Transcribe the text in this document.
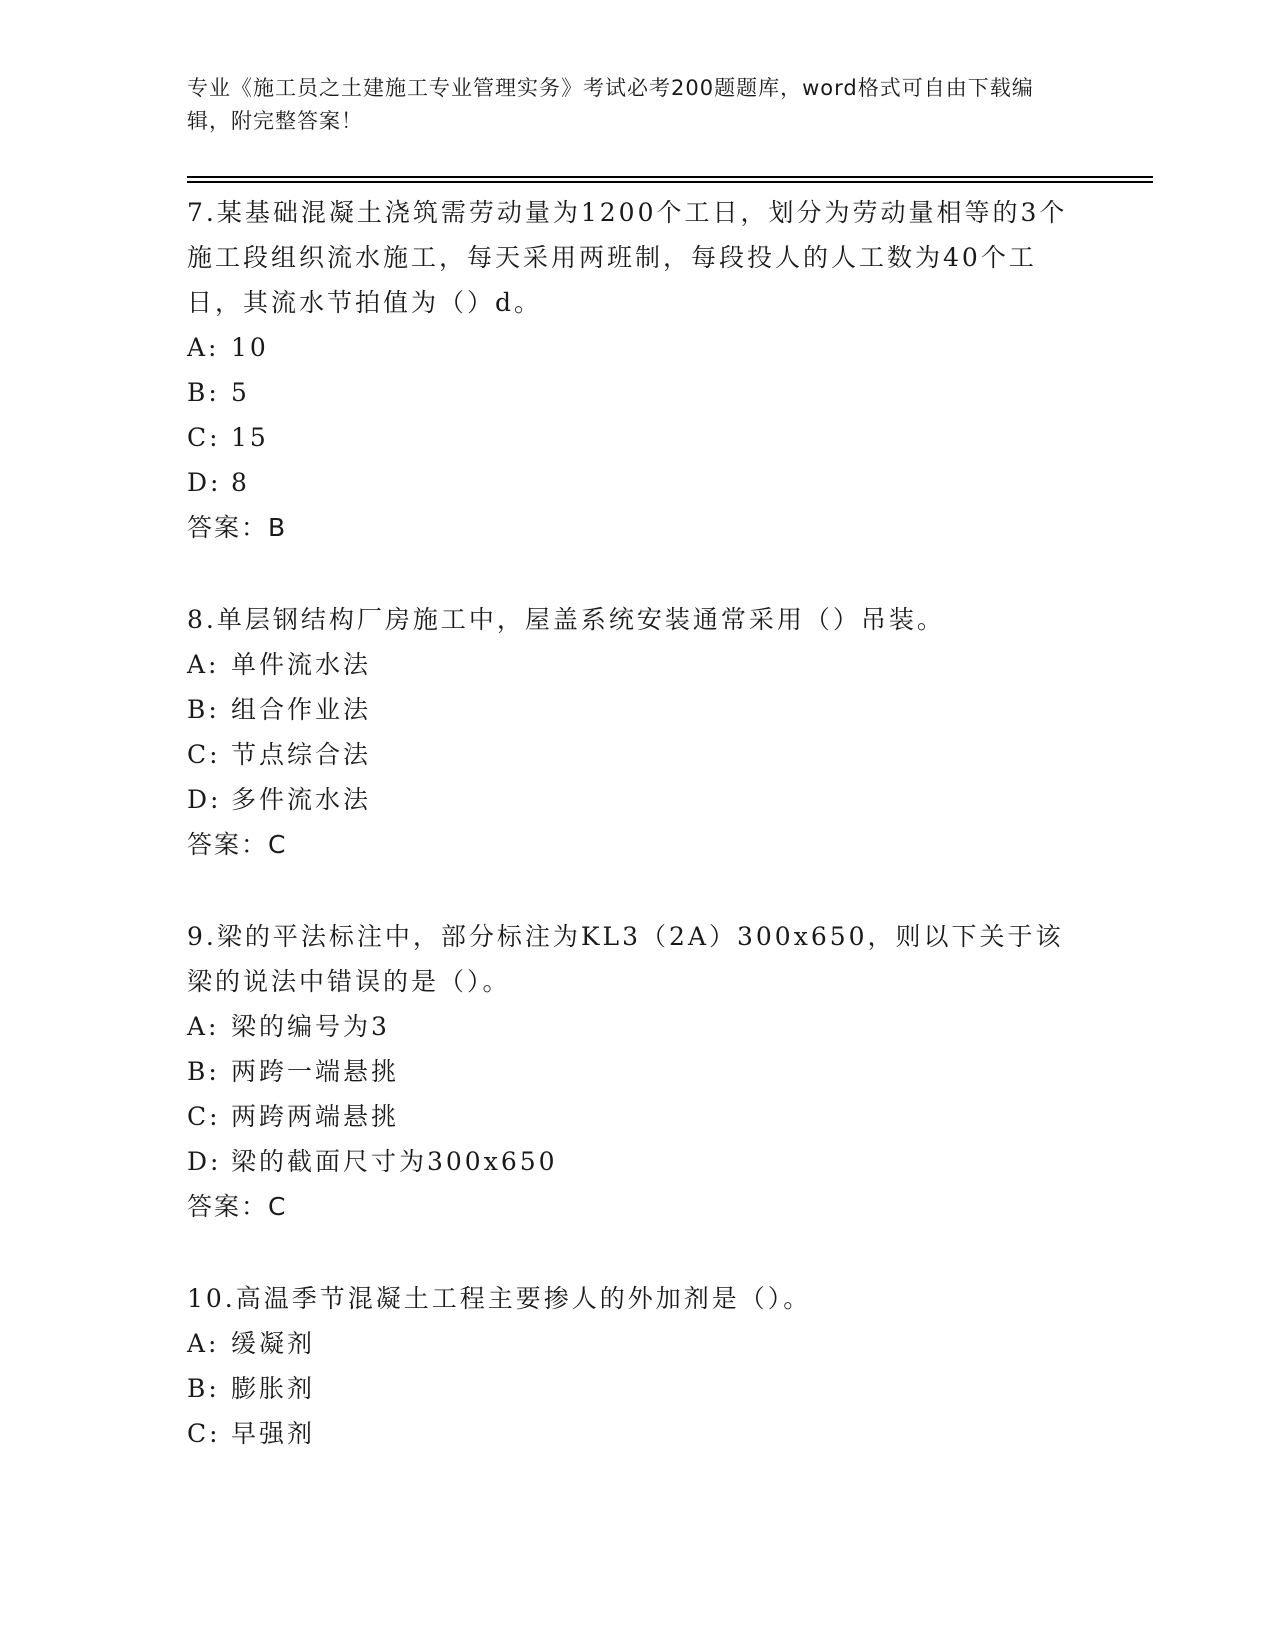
专业《施工员之土建施工专业管理实务》考试必考200题题库，word格式可自由下载编辑，附完整答案！

7.某基础混凝土浇筑需劳动量为1200个工日，划分为劳动量相等的3个施工段组织流水施工，每天采用两班制，每段投人的人工数为40个工日，其流水节拍值为（）d。

A: 10

B: 5

C: 15

D: 8

答案：B

8.单层钢结构厂房施工中，屋盖系统安装通常采用（）吊装。

A: 单件流水法

B: 组合作业法

C: 节点综合法

D: 多件流水法

答案：C

9.梁的平法标注中，部分标注为KL3（2A）300x650，则以下关于该梁的说法中错误的是（）。

A: 梁的编号为3

B: 两跨一端悬挑

C: 两跨两端悬挑

D: 梁的截面尺寸为300x650

答案：C

10.高温季节混凝土工程主要掺人的外加剂是（）。

A: 缓凝剂

B: 膨胀剂

C: 早强剂
